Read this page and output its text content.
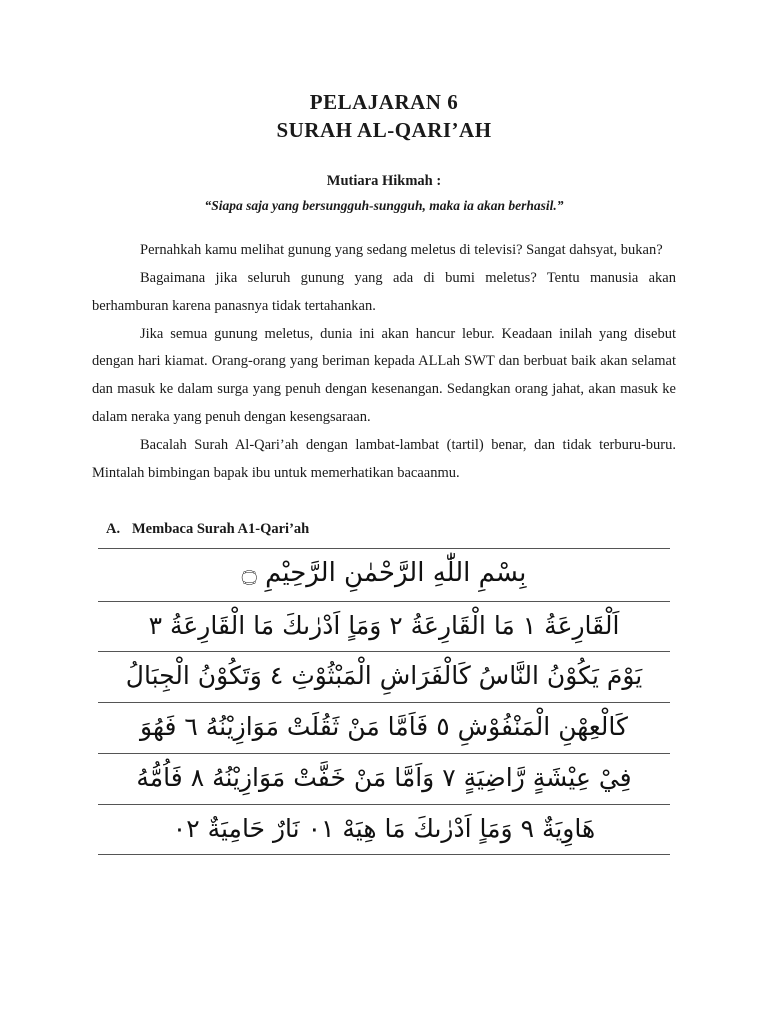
PELAJARAN 6
SURAH AL-QARI’AH
Mutiara Hikmah :
“Siapa saja yang bersungguh-sungguh, maka ia akan berhasil.”

Pernahkah kamu melihat gunung yang sedang meletus di televisi? Sangat dahsyat, bukan?

Bagaimana jika seluruh gunung yang ada di bumi meletus? Tentu manusia akan berhamburan karena panasnya tidak tertahankan.

Jika semua gunung meletus, dunia ini akan hancur lebur. Keadaan inilah yang disebut dengan hari kiamat. Orang-orang yang beriman kepada ALLah SWT dan berbuat baik akan selamat dan masuk ke dalam surga yang penuh dengan kesenangan. Sedangkan orang jahat, akan masuk ke dalam neraka yang penuh dengan kesengsaraan.

Bacalah Surah Al-Qari’ah dengan lambat-lambat (tartil) benar, dan tidak terburu-buru. Mintalah bimbingan bapak ibu untuk memerhatikan bacaanmu.

A. Membaca Surah A1-Qari’ah
بِسْمِ اللّٰهِ الرَّحْمٰنِ الرَّحِيْمِ ۝
اَلْقَارِعَةُ ١ مَا الْقَارِعَةُ ٢ وَمَاٍ اَدْرٰىكَ مَا الْقَارِعَةُ ٣
يَوْمَ يَكُوْنُ النَّاسُ كَالْفَرَاشِ الْمَبْثُوْثِ ٤ وَتَكُوْنُ الْجِبَالُ
كَالْعِهْنِ الْمَنْفُوْشِ ٥ فَاَمَّا مَنْ ثَقُلَتْ مَوَازِيْنُهُ ٦ فَهُوَ
فِيْ عِيْشَةٍ رَّاضِيَةٍ ٧ وَاَمَّا مَنْ خَفَّتْ مَوَازِيْنُهُ ٨ فَاُمُّهُ
هَاوِيَةٌ ٩ وَمَاٍ اَدْرٰىكَ مَا هِيَهْ ٠١ نَارٌ حَامِيَةٌ ٠٢
